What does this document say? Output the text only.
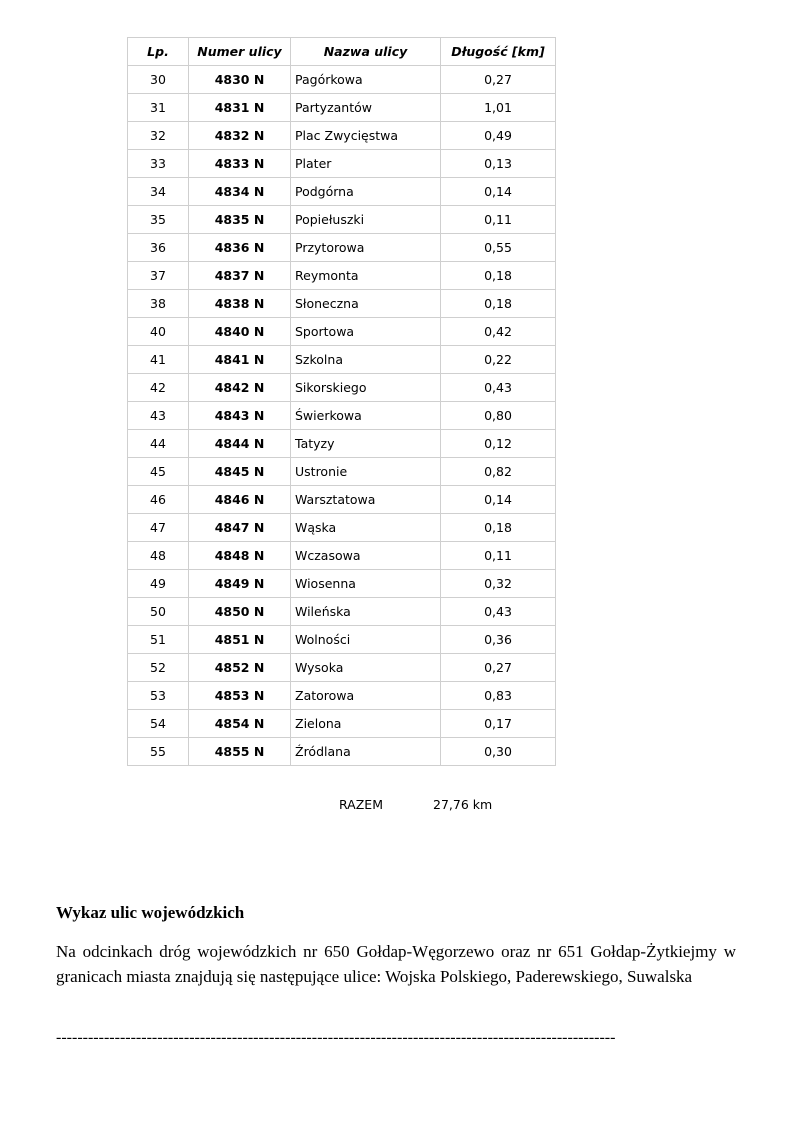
Lp.	Numer ulicy	Nazwa ulicy	Długość [km]
30	4830 N	Pagórkowa	0,27
31	4831 N	Partyzantów	1,01
32	4832 N	Plac Zwycięstwa	0,49
33	4833 N	Plater	0,13
34	4834 N	Podgórna	0,14
35	4835 N	Popiełuszki	0,11
36	4836 N	Przytorowa	0,55
37	4837 N	Reymonta	0,18
38	4838 N	Słoneczna	0,18
40	4840 N	Sportowa	0,42
41	4841 N	Szkolna	0,22
42	4842 N	Sikorskiego	0,43
43	4843 N	Świerkowa	0,80
44	4844 N	Tatyzy	0,12
45	4845 N	Ustronie	0,82
46	4846 N	Warsztatowa	0,14
47	4847 N	Wąska	0,18
48	4848 N	Wczasowa	0,11
49	4849 N	Wiosenna	0,32
50	4850 N	Wileńska	0,43
51	4851 N	Wolności	0,36
52	4852 N	Wysoka	0,27
53	4853 N	Zatorowa	0,83
54	4854 N	Zielona	0,17
55	4855 N	Źródlana	0,30
RAZEM	27,76 km
Wykaz ulic wojewódzkich

Na odcinkach dróg wojewódzkich nr 650 Gołdap-Węgorzewo oraz nr 651 Gołdap-Żytkiejmy w granicach miasta znajdują się następujące ulice: Wojska Polskiego, Paderewskiego, Suwalska

---------------------------------------------------------------------------------------------------------
